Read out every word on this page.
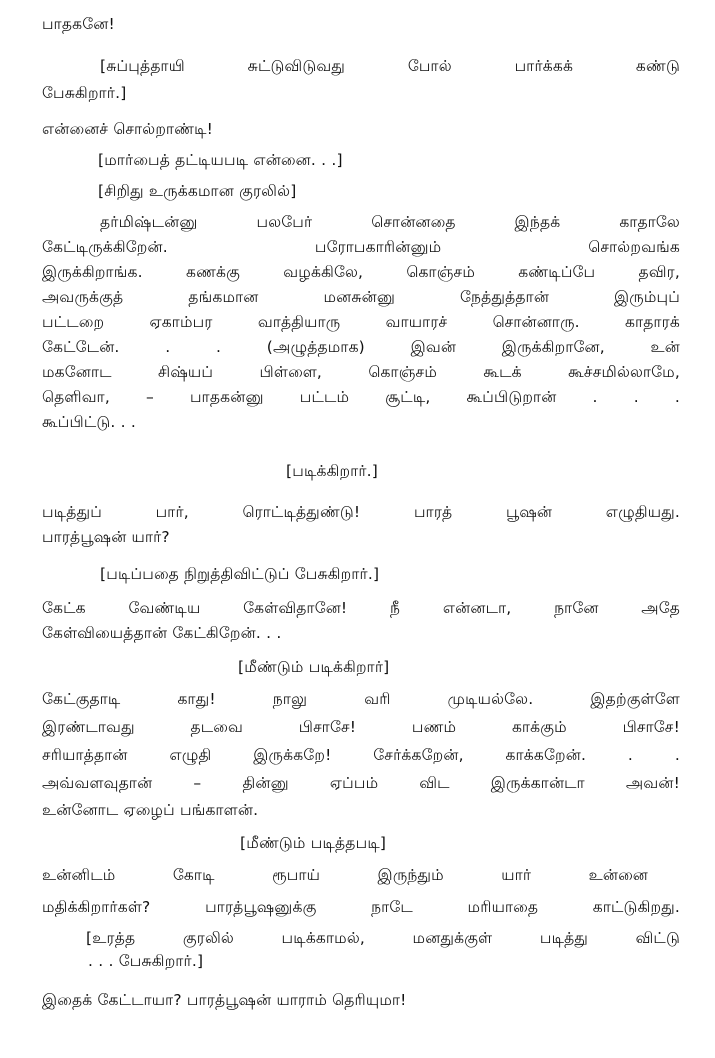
பாதகனே!
[சுப்புத்தாயி சுட்டுவிடுவது போல் பார்க்கக் கண்டு
பேசுகிறார்.]
என்னைச் சொல்றாண்டி!
[மார்பைத் தட்டியபடி என்னை. . .]
[சிறிது உருக்கமான குரலில்]
தர்மிஷ்டன்னு பலபேர் சொன்னதை இந்தக் காதாலே
கேட்டிருக்கிறேன். பரோபகாரின்னும் சொல்றவங்க
இருக்கிறாங்க. கணக்கு வழக்கிலே, கொஞ்சம் கண்டிப்பே தவிர,
அவருக்குத் தங்கமான மனசுன்னு நேத்துத்தான் இரும்புப்
பட்டறை ஏகாம்பர வாத்தியாரு வாயாரச் சொன்னாரு. காதாரக்
கேட்டேன். . . (அழுத்தமாக) இவன் இருக்கிறானே, உன்
மகனோட சிஷ்யப் பிள்ளை, கொஞ்சம் கூடக் கூச்சமில்லாமே,
தெளிவா, – பாதகன்னு பட்டம் சூட்டி, கூப்பிடுறான் . . .
கூப்பிட்டு. . .
[படிக்கிறார்.]
படித்துப் பார், ரொட்டித்துண்டு! பாரத் பூஷன் எழுதியது.
பாரத்பூஷன் யார்?
[படிப்பதை நிறுத்திவிட்டுப் பேசுகிறார்.]
கேட்க வேண்டிய கேள்விதானே! நீ என்னடா, நானே அதே
கேள்வியைத்தான் கேட்கிறேன். . .
[மீண்டும் படிக்கிறார்]
கேட்குதாடி காது! நாலு வரி முடியல்லே. இதற்குள்ளே
இரண்டாவது தடவை பிசாசே! பணம் காக்கும் பிசாசே!
சரியாத்தான் எழுதி இருக்கறே! சேர்க்கறேன், காக்கறேன். . .
அவ்வளவுதான் – தின்னு ஏப்பம் விட இருக்கான்டா அவன்!
உன்னோட ஏழைப் பங்காளன்.
[மீண்டும் படித்தபடி]
உன்னிடம் கோடி ரூபாய் இருந்தும் யார் உன்னை
மதிக்கிறார்கள்? பாரத்பூஷனுக்கு நாடே மரியாதை காட்டுகிறது.
[உரத்த குரலில் படிக்காமல், மனதுக்குள் படித்து விட்டு
. . . பேசுகிறார்.]
இதைக் கேட்டாயா? பாரத்பூஷன் யாராம் தெரியுமா!
